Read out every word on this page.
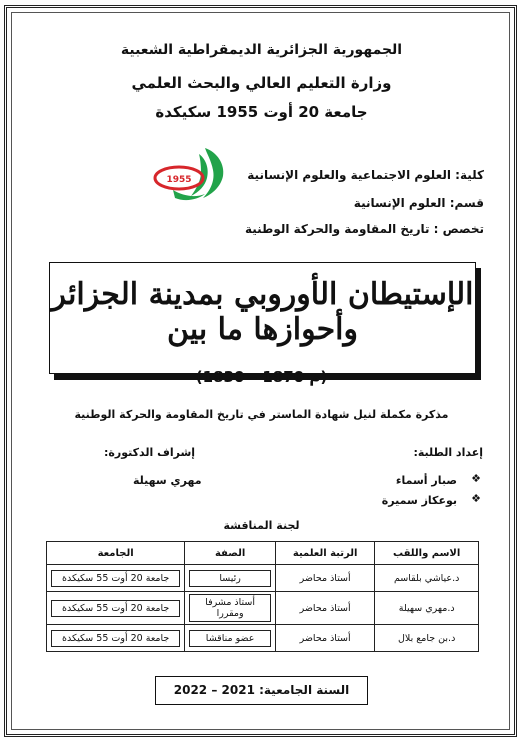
الجمهورية الجزائرية الديمقراطية الشعبية
وزارة التعليم العالي والبحث العلمي
جامعة 20 أوت 1955 سكيكدة
كلية: العلوم الاجتماعية والعلوم الإنسانية
قسم: العلوم الإنسانية
تخصص : تاريخ المقاومة والحركة الوطنية
1955
الإستيطان الأوروبي بمدينة الجزائر وأحوازها ما بين
(1830 – 1870 م)
مذكرة مكملة لنيل شهادة الماستر في تاريخ المقاومة والحركة الوطنية
إعداد الطلبة:
إشراف الدكتورة:
❖
صبار أسماء
❖
بوعكاز سميرة
مهري سهيلة
لجنة المناقشة
الاسم واللقب	الرتبة العلمية	الصفة	الجامعة
د.عياشي بلقاسم	أستاذ محاضر	رئيسا	جامعة 20 أوت 55 سكيكدة

د.مهري سهيلة	أستاذ محاضر	أستاذ مشرفا ومقررا	جامعة 20 أوت 55 سكيكدة

د.بن جامع بلال	أستاذ محاضر	عضو مناقشا	جامعة 20 أوت 55 سكيكدة
السنة الجامعية: 2021 – 2022
